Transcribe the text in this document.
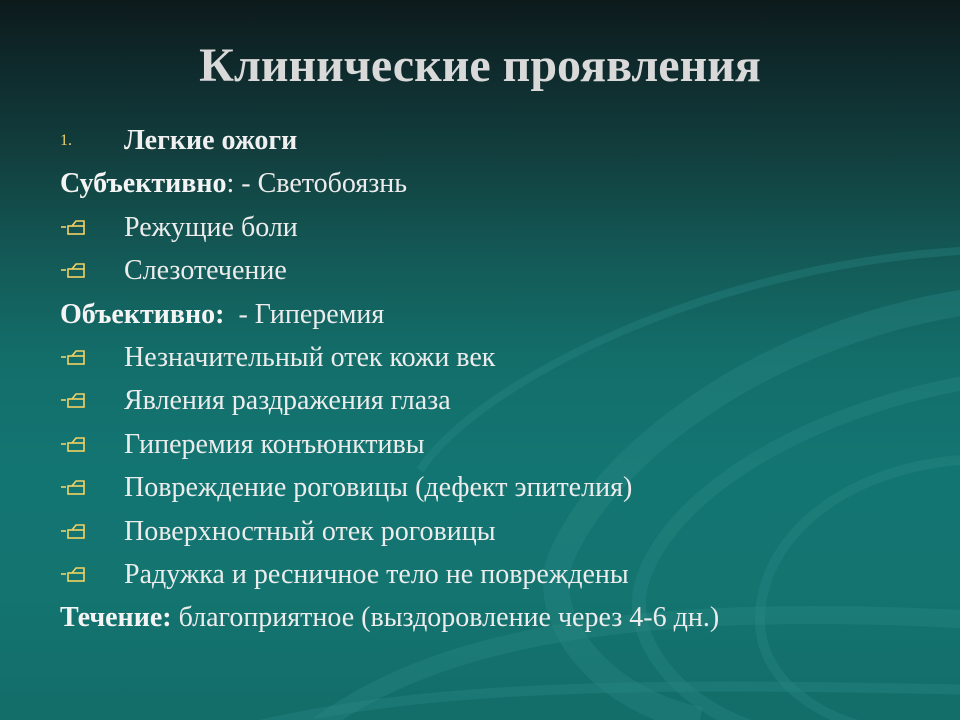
Клинические проявления
1. Легкие ожоги
Субъективно: - Светобоязнь
Режущие боли
Слезотечение
Объективно:  - Гиперемия
Незначительный отек кожи век
Явления раздражения глаза
Гиперемия конъюнктивы
Повреждение роговицы (дефект эпителия)
Поверхностный отек роговицы
Радужка и ресничное тело не повреждены
Течение: благоприятное (выздоровление через 4-6 дн.)
